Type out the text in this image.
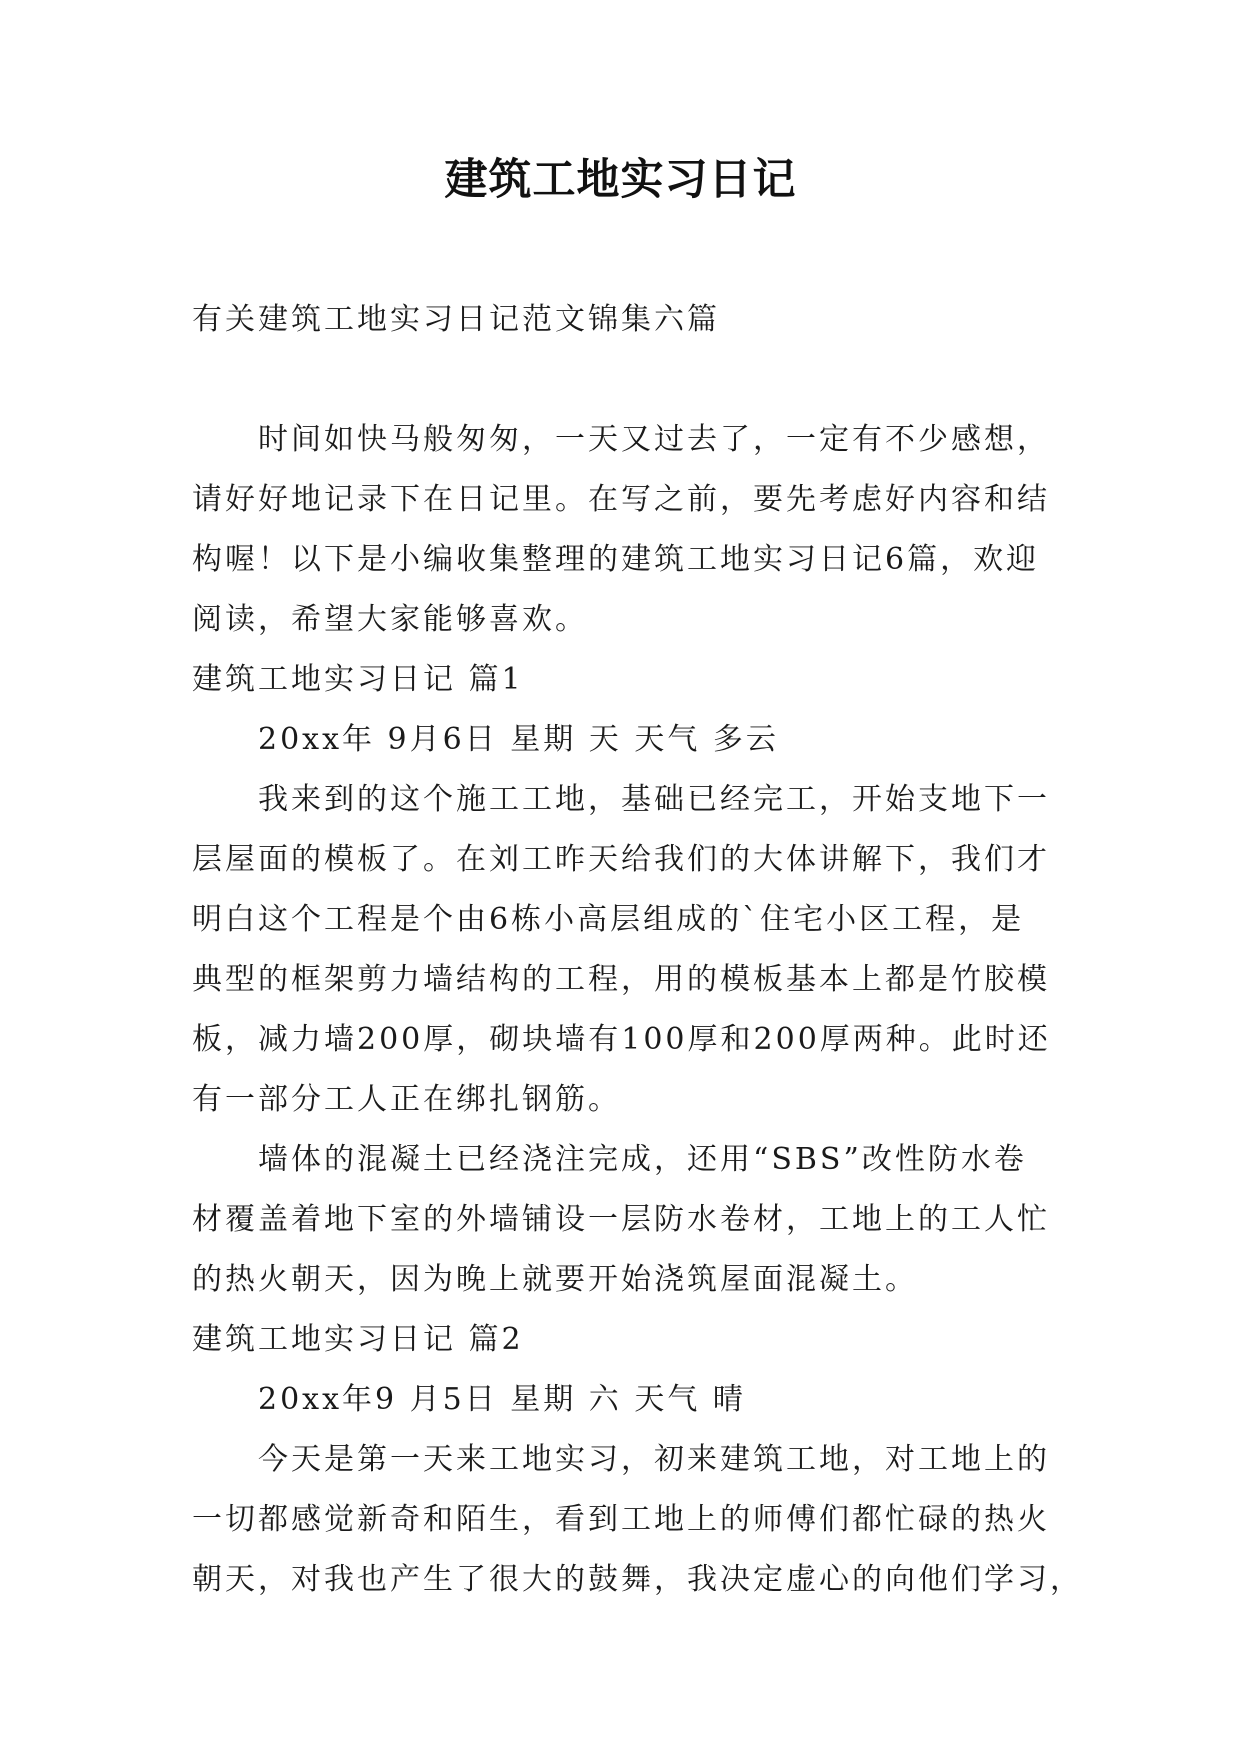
建筑工地实习日记

有关建筑工地实习日记范文锦集六篇

时间如快马般匆匆，一天又过去了，一定有不少感想，

请好好地记录下在日记里。在写之前，要先考虑好内容和结

构喔！以下是小编收集整理的建筑工地实习日记6篇，欢迎

阅读，希望大家能够喜欢。

建筑工地实习日记 篇1

20xx年 9月6日 星期 天 天气 多云

我来到的这个施工工地，基础已经完工，开始支地下一

层屋面的模板了。在刘工昨天给我们的大体讲解下，我们才

明白这个工程是个由6栋小高层组成的`住宅小区工程，是

典型的框架剪力墙结构的工程，用的模板基本上都是竹胶模

板，减力墙200厚，砌块墙有100厚和200厚两种。此时还

有一部分工人正在绑扎钢筋。

墙体的混凝土已经浇注完成，还用“SBS”改性防水卷

材覆盖着地下室的外墙铺设一层防水卷材，工地上的工人忙

的热火朝天，因为晚上就要开始浇筑屋面混凝土。

建筑工地实习日记 篇2

20xx年9 月5日 星期 六 天气 晴

今天是第一天来工地实习，初来建筑工地，对工地上的

一切都感觉新奇和陌生，看到工地上的师傅们都忙碌的热火

朝天，对我也产生了很大的鼓舞，我决定虚心的向他们学习，
